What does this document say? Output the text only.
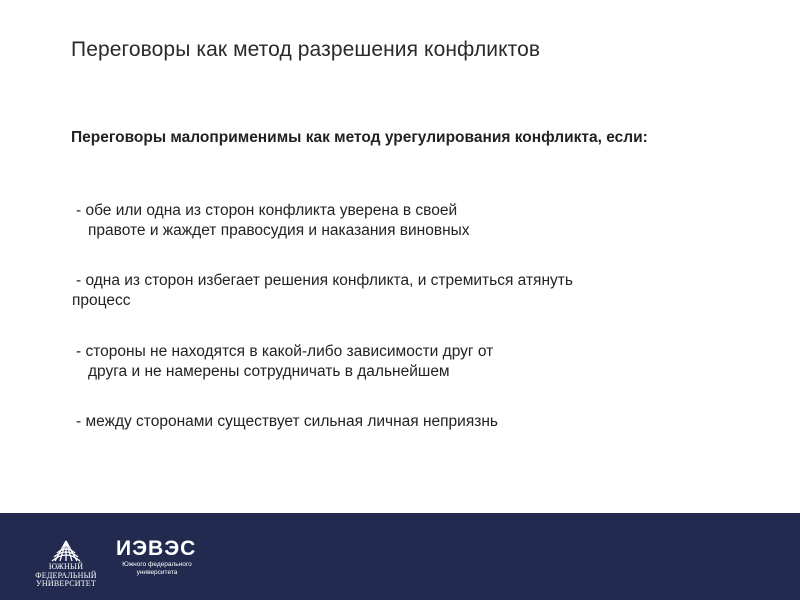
Переговоры как метод разрешения конфликтов
Переговоры малоприменимы как метод урегулирования конфликта, если:
- обе или одна из сторон конфликта уверена в своей
правоте и жаждет правосудия и наказания виновных
- одна из сторон избегает решения конфликта, и стремиться атянуть
процесс
- стороны не находятся в какой-либо зависимости друг от
друга и не намерены сотрудничать в дальнейшем
- между сторонами существует сильная личная неприязнь
ЮЖНЫЙ
ФЕДЕРАЛЬНЫЙ
УНИВЕРСИТЕТ
ИЭВЭС
Южного федерального университета
